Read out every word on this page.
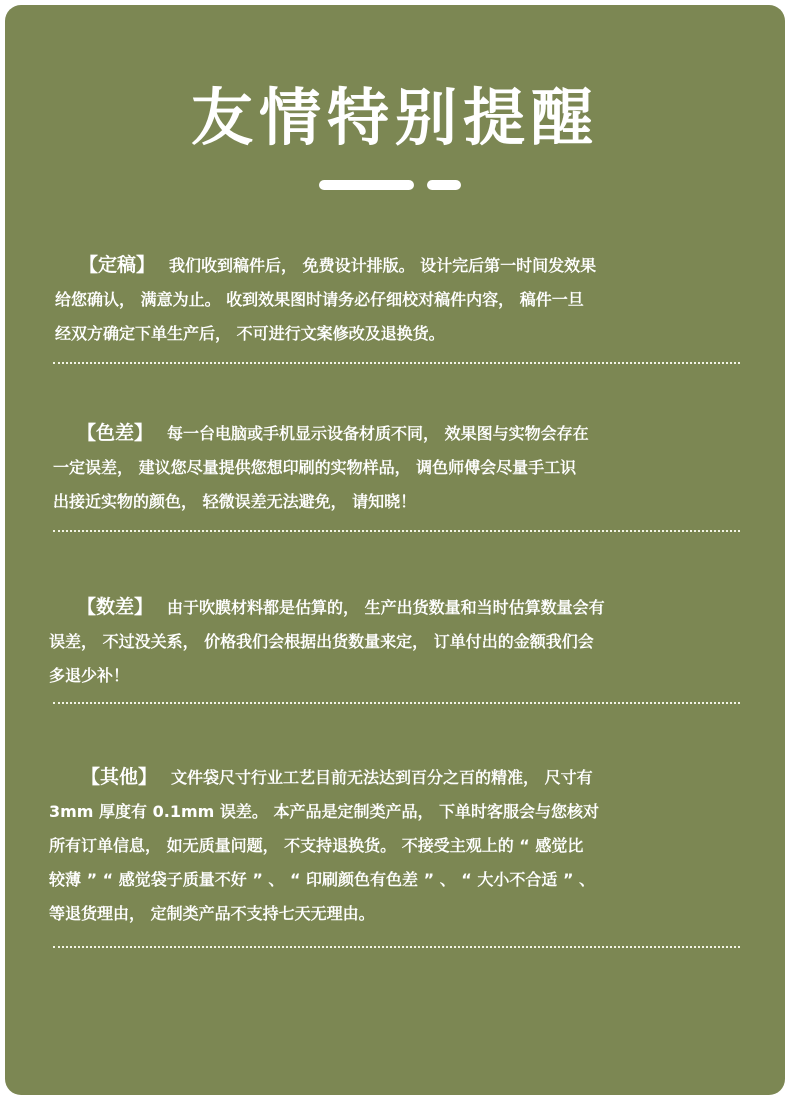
友情特别提醒

【定稿】 我们收到稿件后， 免费设计排版。 设计完后第一时间发效果

给您确认， 满意为止。 收到效果图时请务必仔细校对稿件内容， 稿件一旦

经双方确定下单生产后， 不可进行文案修改及退换货。

【色差】 每一台电脑或手机显示设备材质不同， 效果图与实物会存在

一定误差， 建议您尽量提供您想印刷的实物样品， 调色师傅会尽量手工识

出接近实物的颜色， 轻微误差无法避免， 请知晓！

【数差】 由于吹膜材料都是估算的， 生产出货数量和当时估算数量会有

误差， 不过没关系， 价格我们会根据出货数量来定， 订单付出的金额我们会

多退少补！

【其他】 文件袋尺寸行业工艺目前无法达到百分之百的精准， 尺寸有

3mm 厚度有 0.1mm 误差。 本产品是定制类产品， 下单时客服会与您核对

所有订单信息， 如无质量问题， 不支持退换货。 不接受主观上的 “ 感觉比

较薄 ” “ 感觉袋子质量不好 ” 、 “ 印刷颜色有色差 ” 、 “ 大小不合适 ” 、

等退货理由， 定制类产品不支持七天无理由。
